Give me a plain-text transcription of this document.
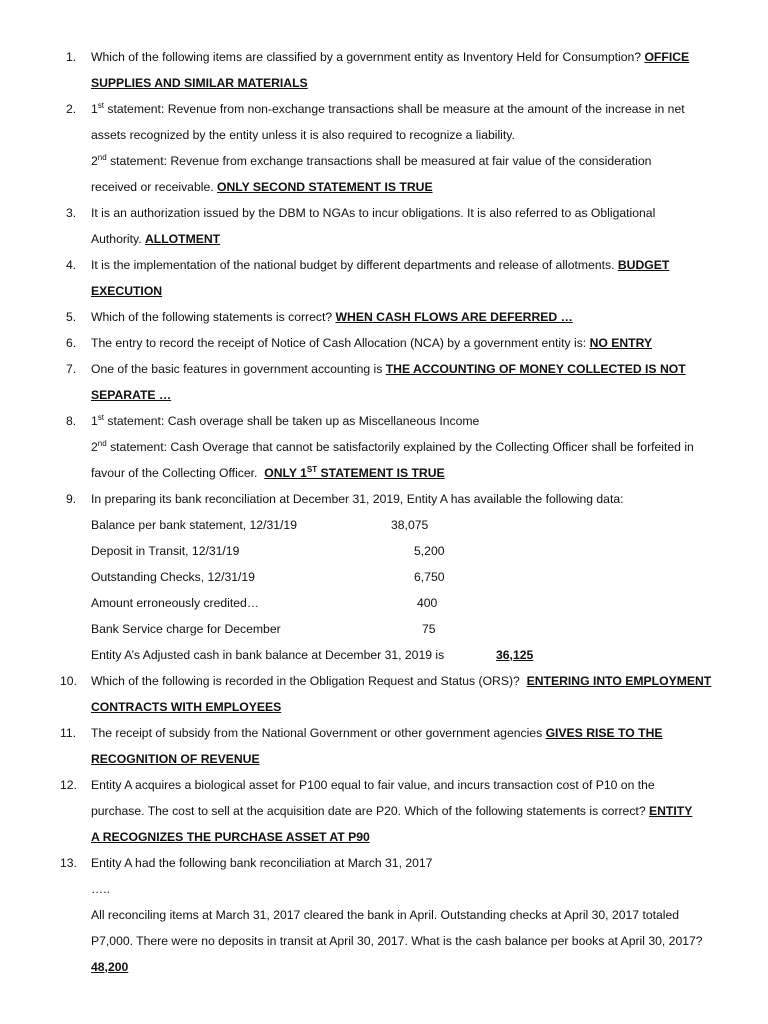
1. Which of the following items are classified by a government entity as Inventory Held for Consumption? OFFICE
SUPPLIES AND SIMILAR MATERIALS
2. 1st statement: Revenue from non-exchange transactions shall be measure at the amount of the increase in net
assets recognized by the entity unless it is also required to recognize a liability.
2nd statement: Revenue from exchange transactions shall be measured at fair value of the consideration
received or receivable. ONLY SECOND STATEMENT IS TRUE
3. It is an authorization issued by the DBM to NGAs to incur obligations. It is also referred to as Obligational
Authority. ALLOTMENT
4. It is the implementation of the national budget by different departments and release of allotments. BUDGET
EXECUTION
5. Which of the following statements is correct? WHEN CASH FLOWS ARE DEFERRED …
6. The entry to record the receipt of Notice of Cash Allocation (NCA) by a government entity is: NO ENTRY
7. One of the basic features in government accounting is THE ACCOUNTING OF MONEY COLLECTED IS NOT
SEPARATE …
8. 1st statement: Cash overage shall be taken up as Miscellaneous Income
2nd statement: Cash Overage that cannot be satisfactorily explained by the Collecting Officer shall be forfeited in
favour of the Collecting Officer. ONLY 1ST STATEMENT IS TRUE
9. In preparing its bank reconciliation at December 31, 2019, Entity A has available the following data:
Balance per bank statement, 12/31/19	38,075
Deposit in Transit, 12/31/19	5,200
Outstanding Checks, 12/31/19	6,750
Amount erroneously credited…	400
Bank Service charge for December	75
Entity A’s Adjusted cash in bank balance at December 31, 2019 is	36,125
10. Which of the following is recorded in the Obligation Request and Status (ORS)? ENTERING INTO EMPLOYMENT
CONTRACTS WITH EMPLOYEES
11. The receipt of subsidy from the National Government or other government agencies GIVES RISE TO THE
RECOGNITION OF REVENUE
12. Entity A acquires a biological asset for P100 equal to fair value, and incurs transaction cost of P10 on the
purchase. The cost to sell at the acquisition date are P20. Which of the following statements is correct? ENTITY
A RECOGNIZES THE PURCHASE ASSET AT P90
13. Entity A had the following bank reconciliation at March 31, 2017
…..
All reconciling items at March 31, 2017 cleared the bank in April. Outstanding checks at April 30, 2017 totaled
P7,000. There were no deposits in transit at April 30, 2017. What is the cash balance per books at April 30, 2017?
48,200
